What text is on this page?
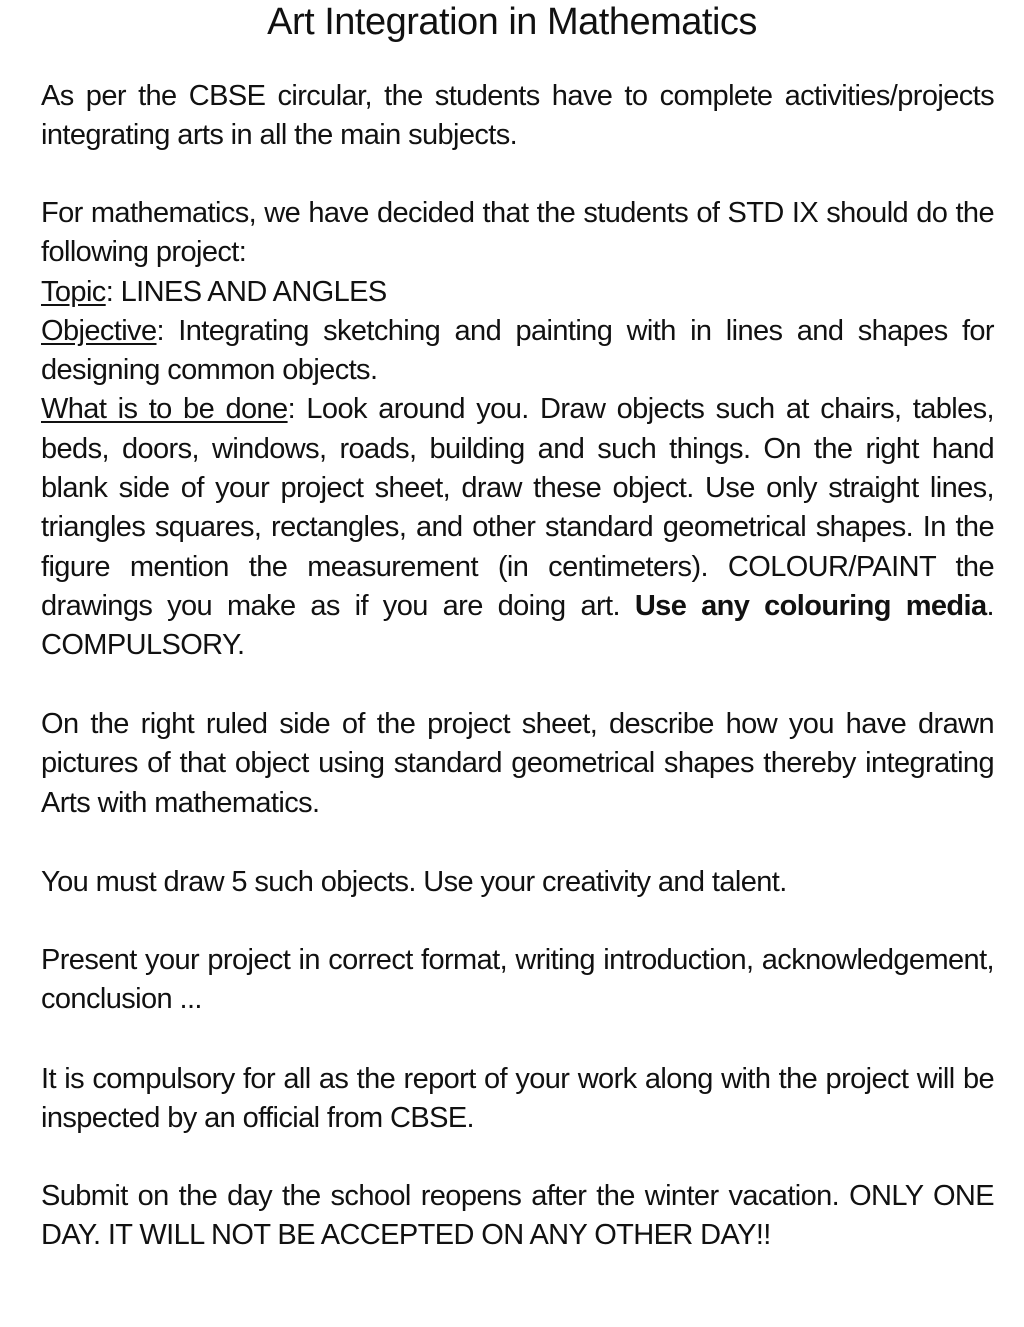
Art Integration in Mathematics

As per the CBSE circular, the students have to complete activities/projects integrating arts in all the main subjects.

For mathematics, we have decided that the students of STD IX should do the following project:

Topic: LINES AND ANGLES

Objective: Integrating sketching and painting with in lines and shapes for designing common objects.

What is to be done: Look around you. Draw objects such at chairs, tables, beds, doors, windows, roads, building and such things. On the right hand blank side of your project sheet, draw these object. Use only straight lines, triangles squares, rectangles, and other standard geometrical shapes. In the figure mention the measurement (in centimeters). COLOUR/PAINT the drawings you make as if you are doing art. Use any colouring media. COMPULSORY.

On the right ruled side of the project sheet, describe how you have drawn pictures of that object using standard geometrical shapes thereby integrating Arts with mathematics.

You must draw 5 such objects. Use your creativity and talent.

Present your project in correct format, writing introduction, acknowledgement, conclusion ...

It is compulsory for all as the report of your work along with the project will be inspected by an official from CBSE.

Submit on the day the school reopens after the winter vacation. ONLY ONE DAY. IT WILL NOT BE ACCEPTED ON ANY OTHER DAY!!
